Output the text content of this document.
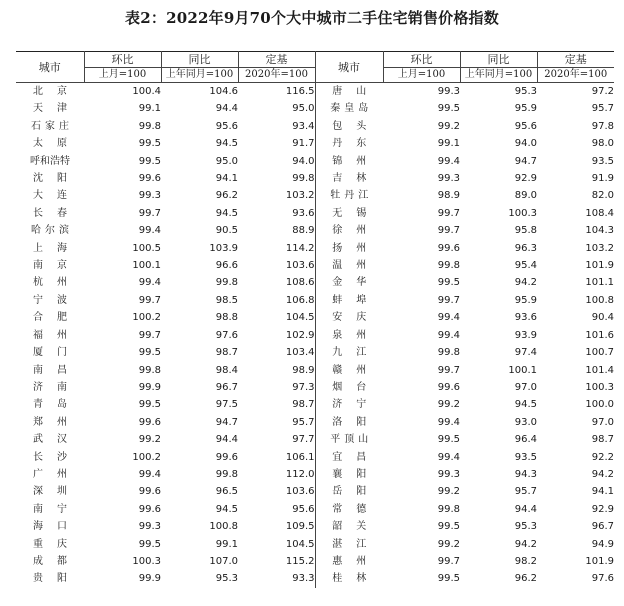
表2：2022年9月70个大中城市二手住宅销售价格指数
城市	环比	同比	定基	城市	环比	同比	定基
	上月=100	上年同月=100	2020年=100		上月=100	上年同月=100	2020年=100
北京	100.4	104.6	116.5	唐山	99.3	95.3	97.2
天津	99.1	94.4	95.0	秦皇岛	99.5	95.9	95.7
石家庄	99.8	95.6	93.4	包头	99.2	95.6	97.8
太原	99.5	94.5	91.7	丹东	99.1	94.0	98.0
呼和浩特	99.5	95.0	94.0	锦州	99.4	94.7	93.5
沈阳	99.6	94.1	99.8	吉林	99.3	92.9	91.9
大连	99.3	96.2	103.2	牡丹江	98.9	89.0	82.0
长春	99.7	94.5	93.6	无锡	99.7	100.3	108.4
哈尔滨	99.4	90.5	88.9	徐州	99.7	95.8	104.3
上海	100.5	103.9	114.2	扬州	99.6	96.3	103.2
南京	100.1	96.6	103.6	温州	99.8	95.4	101.9
杭州	99.4	99.8	108.6	金华	99.5	94.2	101.1
宁波	99.7	98.5	106.8	蚌埠	99.7	95.9	100.8
合肥	100.2	98.8	104.5	安庆	99.4	93.6	90.4
福州	99.7	97.6	102.9	泉州	99.4	93.9	101.6
厦门	99.5	98.7	103.4	九江	99.8	97.4	100.7
南昌	99.8	98.4	98.9	赣州	99.7	100.1	101.4
济南	99.9	96.7	97.3	烟台	99.6	97.0	100.3
青岛	99.5	97.5	98.7	济宁	99.2	94.5	100.0
郑州	99.6	94.7	95.7	洛阳	99.4	93.0	97.0
武汉	99.2	94.4	97.7	平顶山	99.5	96.4	98.7
长沙	100.2	99.6	106.1	宜昌	99.4	93.5	92.2
广州	99.4	99.8	112.0	襄阳	99.3	94.3	94.2
深圳	99.6	96.5	103.6	岳阳	99.2	95.7	94.1
南宁	99.6	94.5	95.6	常德	99.8	94.4	92.9
海口	99.3	100.8	109.5	韶关	99.5	95.3	96.7
重庆	99.5	99.1	104.5	湛江	99.2	94.2	94.9
成都	100.3	107.0	115.2	惠州	99.7	98.2	101.9
贵阳	99.9	95.3	93.3	桂林	99.5	96.2	97.6
